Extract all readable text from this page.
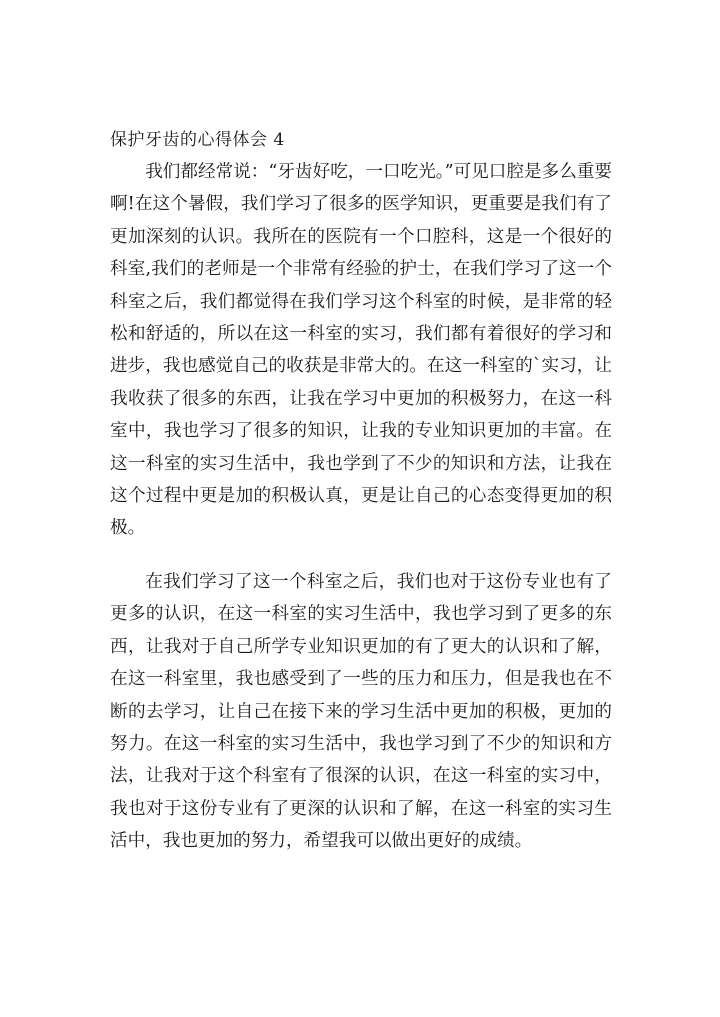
保护牙齿的心得体会 4

我们都经常说：“牙齿好吃，一口吃光。”可见口腔是多么重要啊!在这个暑假，我们学习了很多的医学知识，更重要是我们有了更加深刻的认识。我所在的医院有一个口腔科，这是一个很好的科室,我们的老师是一个非常有经验的护士，在我们学习了这一个科室之后，我们都觉得在我们学习这个科室的时候，是非常的轻松和舒适的，所以在这一科室的实习，我们都有着很好的学习和进步，我也感觉自己的收获是非常大的。在这一科室的`实习，让我收获了很多的东西，让我在学习中更加的积极努力，在这一科室中，我也学习了很多的知识，让我的专业知识更加的丰富。在这一科室的实习生活中，我也学到了不少的知识和方法，让我在这个过程中更是加的积极认真，更是让自己的心态变得更加的积极。

在我们学习了这一个科室之后，我们也对于这份专业也有了更多的认识，在这一科室的实习生活中，我也学习到了更多的东西，让我对于自己所学专业知识更加的有了更大的认识和了解，在这一科室里，我也感受到了一些的压力和压力，但是我也在不断的去学习，让自己在接下来的学习生活中更加的积极，更加的努力。在这一科室的实习生活中，我也学习到了不少的知识和方法，让我对于这个科室有了很深的认识，在这一科室的实习中，我也对于这份专业有了更深的认识和了解，在这一科室的实习生活中，我也更加的努力，希望我可以做出更好的成绩。
